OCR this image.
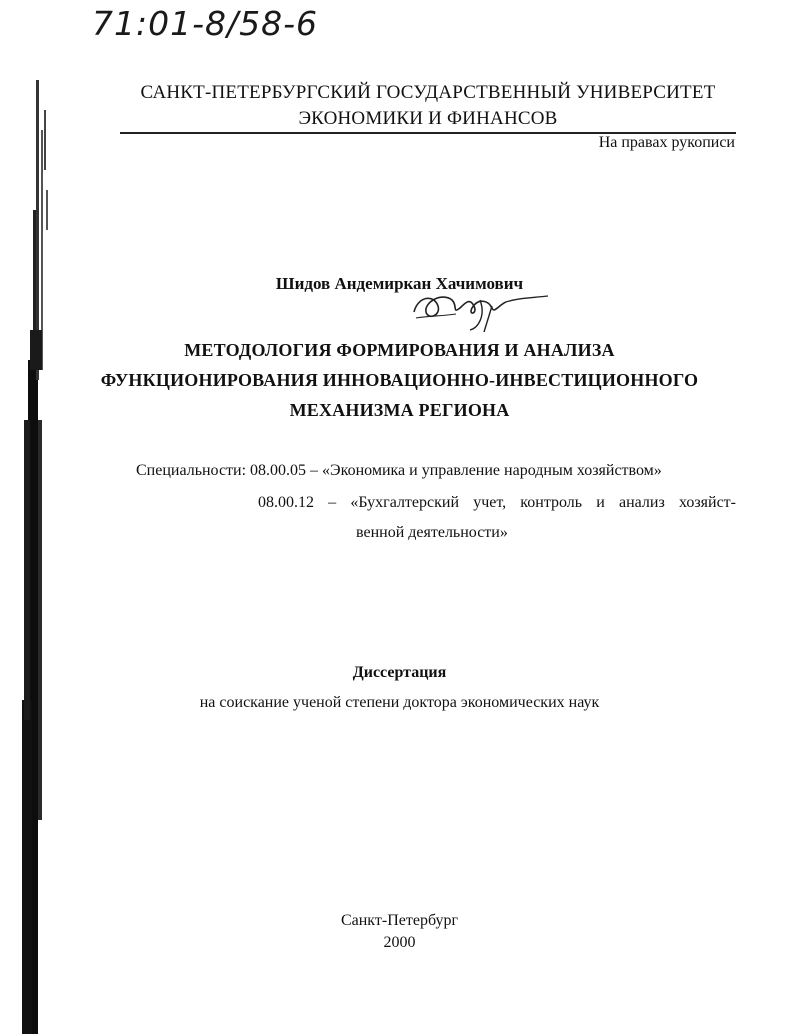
71:01-8/58-6
САНКТ-ПЕТЕРБУРГСКИЙ ГОСУДАРСТВЕННЫЙ УНИВЕРСИТЕТ
ЭКОНОМИКИ И ФИНАНСОВ
На правах рукописи
Шидов Андемиркан Хачимович
МЕТОДОЛОГИЯ ФОРМИРОВАНИЯ И АНАЛИЗА
ФУНКЦИОНИРОВАНИЯ ИННОВАЦИОННО-ИНВЕСТИЦИОННОГО
МЕХАНИЗМА РЕГИОНА
Специальности: 08.00.05 – «Экономика и управление народным хозяйством»
08.00.12 – «Бухгалтерский учет, контроль и анализ хозяйст-
венной деятельности»
Диссертация
на соискание ученой степени доктора экономических наук
Санкт-Петербург
2000
